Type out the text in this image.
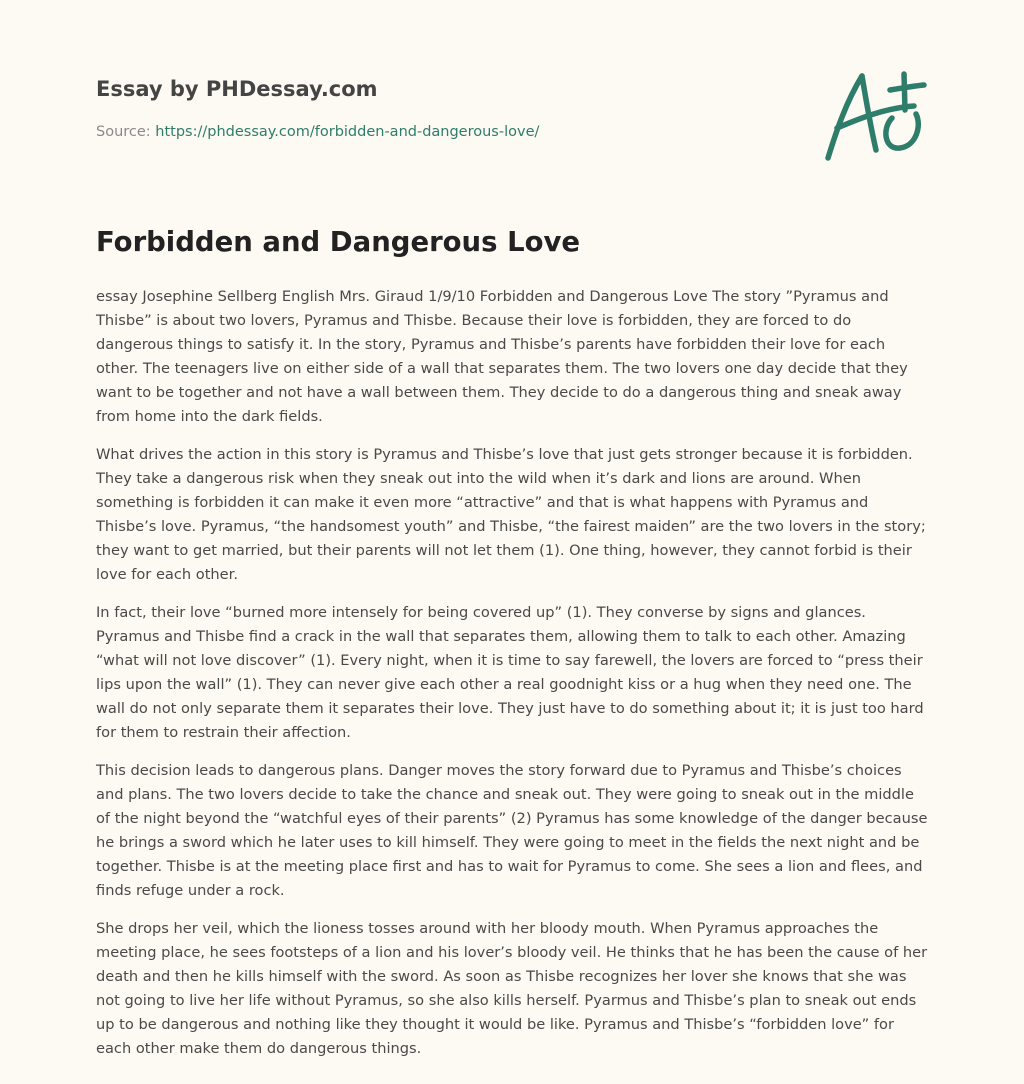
Essay by PHDessay.com
Source: https://phdessay.com/forbidden-and-dangerous-love/
Forbidden and Dangerous Love

essay Josephine Sellberg English Mrs. Giraud 1/9/10 Forbidden and Dangerous Love The story ”Pyramus and Thisbe” is about two lovers, Pyramus and Thisbe. Because their love is forbidden, they are forced to do dangerous things to satisfy it. In the story, Pyramus and Thisbe’s parents have forbidden their love for each other. The teenagers live on either side of a wall that separates them. The two lovers one day decide that they want to be together and not have a wall between them. They decide to do a dangerous thing and sneak away from home into the dark fields.

What drives the action in this story is Pyramus and Thisbe’s love that just gets stronger because it is forbidden. They take a dangerous risk when they sneak out into the wild when it’s dark and lions are around. When something is forbidden it can make it even more “attractive” and that is what happens with Pyramus and Thisbe’s love. Pyramus, “the handsomest youth” and Thisbe, “the fairest maiden” are the two lovers in the story; they want to get married, but their parents will not let them (1). One thing, however, they cannot forbid is their love for each other.

In fact, their love “burned more intensely for being covered up” (1). They converse by signs and glances. Pyramus and Thisbe find a crack in the wall that separates them, allowing them to talk to each other. Amazing “what will not love discover” (1). Every night, when it is time to say farewell, the lovers are forced to “press their lips upon the wall” (1). They can never give each other a real goodnight kiss or a hug when they need one. The wall do not only separate them it separates their love. They just have to do something about it; it is just too hard for them to restrain their affection.

This decision leads to dangerous plans. Danger moves the story forward due to Pyramus and Thisbe’s choices and plans. The two lovers decide to take the chance and sneak out. They were going to sneak out in the middle of the night beyond the “watchful eyes of their parents” (2) Pyramus has some knowledge of the danger because he brings a sword which he later uses to kill himself. They were going to meet in the fields the next night and be together. Thisbe is at the meeting place first and has to wait for Pyramus to come. She sees a lion and flees, and finds refuge under a rock.

She drops her veil, which the lioness tosses around with her bloody mouth. When Pyramus approaches the meeting place, he sees footsteps of a lion and his lover’s bloody veil. He thinks that he has been the cause of her death and then he kills himself with the sword. As soon as Thisbe recognizes her lover she knows that she was not going to live her life without Pyramus, so she also kills herself. Pyarmus and Thisbe’s plan to sneak out ends up to be dangerous and nothing like they thought it would be like. Pyramus and Thisbe’s “forbidden love” for each other make them do dangerous things.
